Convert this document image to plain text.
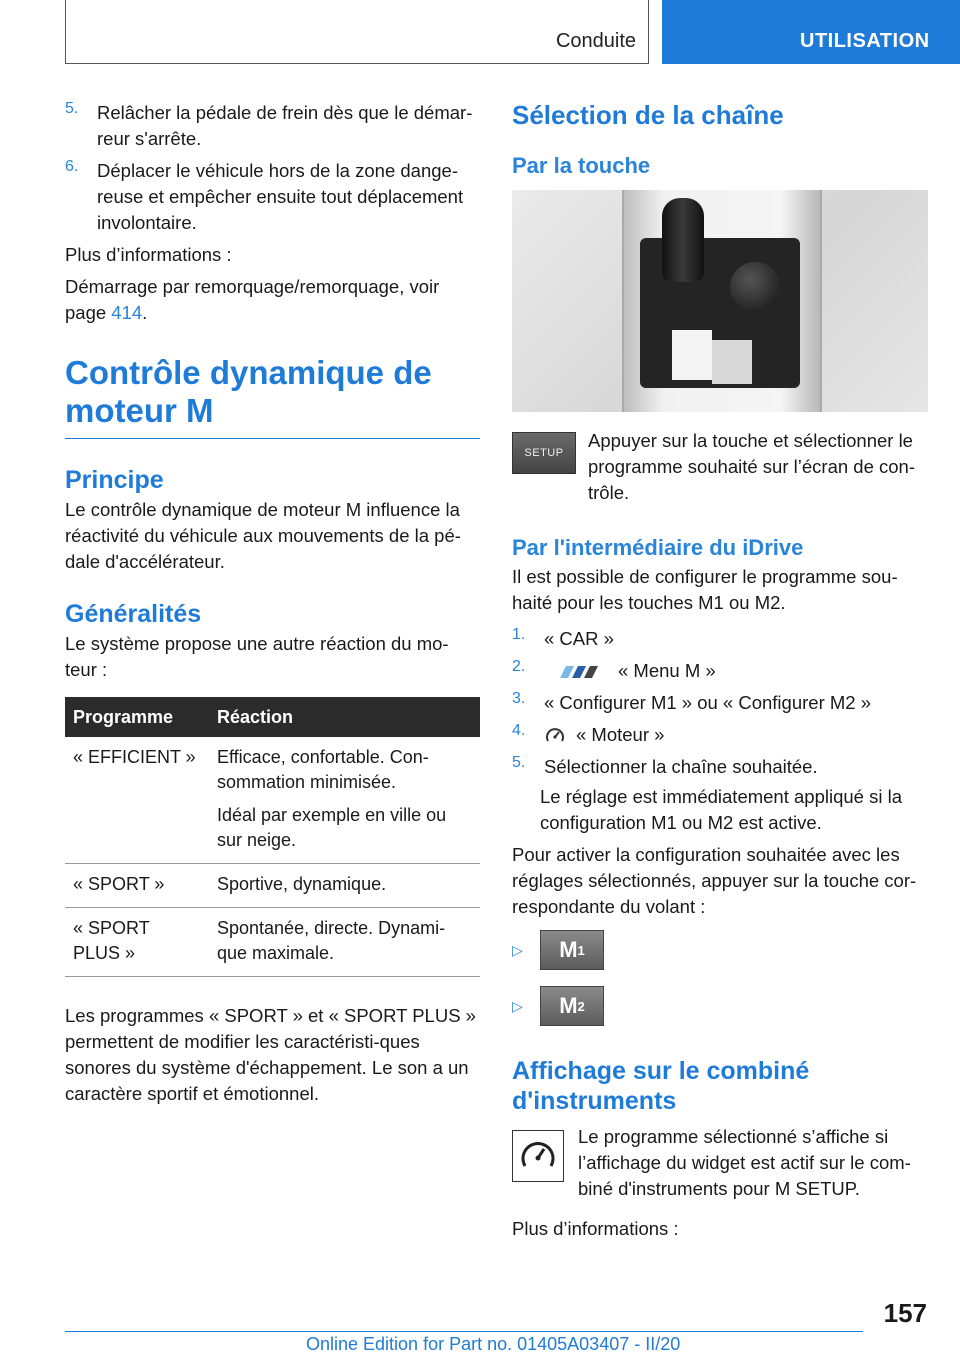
Conduite	UTILISATION
5.	Relâcher la pédale de frein dès que le démar-reur s'arrête.
6.	Déplacer le véhicule hors de la zone dange-reuse et empêcher ensuite tout déplacement involontaire.

Plus d’informations :

Démarrage par remorquage/remorquage, voir page 414.

Contrôle dynamique de moteur M
Principe

Le contrôle dynamique de moteur M influence la réactivité du véhicule aux mouvements de la pé-dale d'accélérateur.

Généralités

Le système propose une autre réaction du mo-teur :

Programme	Réaction
« EFFICIENT »	Efficace, confortable. Con-sommation minimisée.

Idéal par exemple en ville ou sur neige.

« SPORT »	Sportive, dynamique.

« SPORT PLUS »	Spontanée, directe. Dynami-que maximale.

Les programmes « SPORT » et « SPORT PLUS » permettent de modifier les caractéristi-ques sonores du système d'échappement. Le son a un caractère sportif et émotionnel.

Sélection de la chaîne
Par la touche
SETUP

Appuyer sur la touche et sélectionner le programme souhaité sur l’écran de con-trôle.

Par l'intermédiaire du iDrive

Il est possible de configurer le programme sou-haité pour les touches M1 ou M2.

1.	« CAR »
2.	« Menu M »
3.	« Configurer M1 » ou « Configurer M2 »
4.	« Moteur »
5.	Sélectionner la chaîne souhaitée.

Le réglage est immédiatement appliqué si la configuration M1 ou M2 est active.

Pour activer la configuration souhaitée avec les réglages sélectionnés, appuyer sur la touche cor-respondante du volant :

▷	M 1
▷	M 2
Affichage sur le combiné d'instruments

Le programme sélectionné s’affiche si l’affichage du widget est actif sur le com-biné d'instruments pour M SETUP.

Plus d’informations :

157
Online Edition for Part no. 01405A03407 - II/20
